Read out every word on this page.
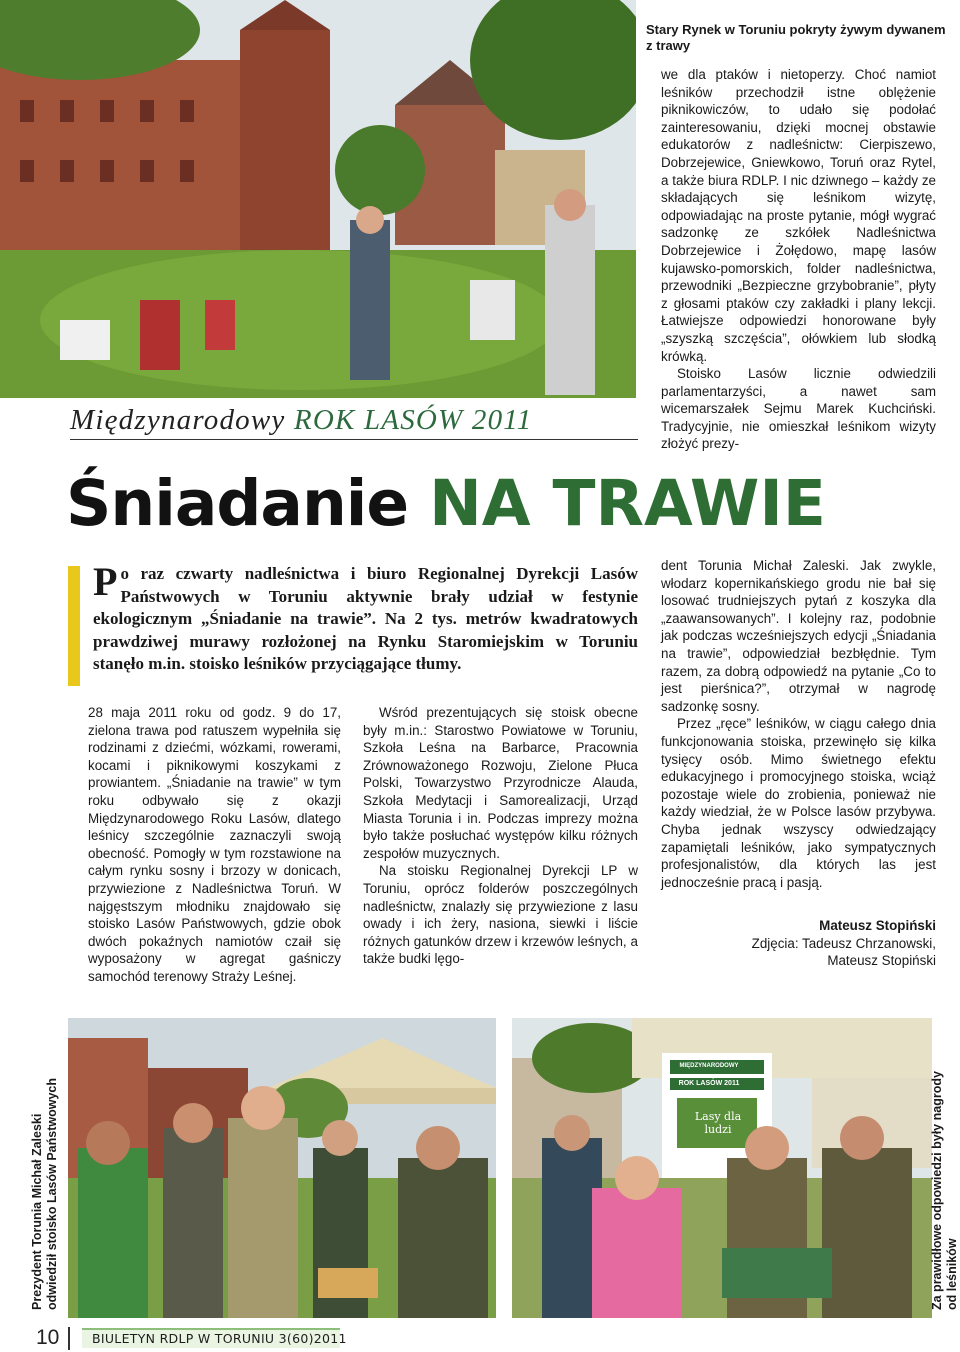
Stary Rynek w Toruniu pokryty żywym dywanem z trawy

we dla ptaków i nietoperzy. Choć namiot leśników przechodził istne oblężenie piknikowiczów, to udało się podołać zainteresowaniu, dzięki mocnej obstawie edukatorów z nadleśnictw: Cierpiszewo, Dobrzejewice, Gniewkowo, Toruń oraz Rytel, a także biura RDLP. I nic dziwnego – każdy ze składających się leśnikom wizytę, odpowiadając na proste pytanie, mógł wygrać sadzonkę ze szkółek Nadleśnictwa Dobrzejewice i Żołędowo, mapę lasów kujawsko-pomorskich, folder nadleśnictwa, przewodniki „Bezpieczne grzybobranie”, płyty z głosami ptaków czy zakładki i plany lekcji. Łatwiejsze odpowiedzi honorowane były „szyszką szczęścia”, ołówkiem lub słodką krówką.

Stoisko Lasów licznie odwiedzili parlamentarzyści, a nawet sam wicemarszałek Sejmu Marek Kuchciński. Tradycyjnie, nie omieszkał leśnikom wizyty złożyć prezy-

Międzynarodowy ROK LASÓW 2011
Śniadanie NA TRAWIE
Po raz czwarty nadleśnictwa i biuro Regionalnej Dyrekcji Lasów Państwowych w Toruniu aktywnie brały udział w festynie ekologicznym „Śniadanie na trawie”. Na 2 tys. metrów kwadratowych prawdziwej murawy rozłożonej na Rynku Staromiejskim w Toruniu stanęło m.in. stoisko leśników przyciągające tłumy.

28 maja 2011 roku od godz. 9 do 17, zielona trawa pod ratuszem wypełniła się rodzinami z dziećmi, wózkami, rowerami, kocami i piknikowymi koszykami z prowiantem. „Śniadanie na trawie” w tym roku odbywało się z okazji Międzynarodowego Roku Lasów, dlatego leśnicy szczególnie zaznaczyli swoją obecność. Pomogły w tym rozstawione na całym rynku sosny i brzozy w donicach, przywiezione z Nadleśnictwa Toruń. W najgęstszym młodniku znajdowało się stoisko Lasów Państwowych, gdzie obok dwóch pokaźnych namiotów czaił się wyposażony w agregat gaśniczy samochód terenowy Straży Leśnej.

Wśród prezentujących się stoisk obecne były m.in.: Starostwo Powiatowe w Toruniu, Szkoła Leśna na Barbarce, Pracownia Zrównoważonego Rozwoju, Zielone Płuca Polski, Towarzystwo Przyrodnicze Alauda, Szkoła Medytacji i Samorealizacji, Urząd Miasta Torunia i in. Podczas imprezy można było także posłuchać występów kilku różnych zespołów muzycznych.

Na stoisku Regionalnej Dyrekcji LP w Toruniu, oprócz folderów poszczególnych nadleśnictw, znalazły się przywiezione z lasu owady i ich żery, nasiona, siewki i liście różnych gatunków drzew i krzewów leśnych, a także budki lęgo-

dent Torunia Michał Zaleski. Jak zwykle, włodarz kopernikańskiego grodu nie bał się losować trudniejszych pytań z koszyka dla „zaawansowanych”. I kolejny raz, podobnie jak podczas wcześniejszych edycji „Śniadania na trawie”, odpowiedział bezbłędnie. Tym razem, za dobrą odpowiedź na pytanie „Co to jest pierśnica?”, otrzymał w nagrodę sadzonkę sosny.

Przez „ręce” leśników, w ciągu całego dnia funkcjonowania stoiska, przewinęło się kilka tysięcy osób. Mimo świetnego efektu edukacyjnego i promocyjnego stoiska, wciąż pozostaje wiele do zrobienia, ponieważ nie każdy wiedział, że w Polsce lasów przybywa. Chyba jednak wszyscy odwiedzający zapamiętali leśników, jako sympatycznych profesjonalistów, dla których las jest jednocześnie pracą i pasją.

Mateusz Stopiński
Zdjęcia: Tadeusz Chrzanowski,
Mateusz Stopiński
MIĘDZYNARODOWY
ROK LASÓW 2011
Lasy dla ludzi
Prezydent Torunia Michał Zaleski odwiedził stoisko Lasów Państwowych	Za prawidłowe odpowiedzi były nagrody od leśników
10	BIULETYN RDLP W TORUNIU 3(60)2011
